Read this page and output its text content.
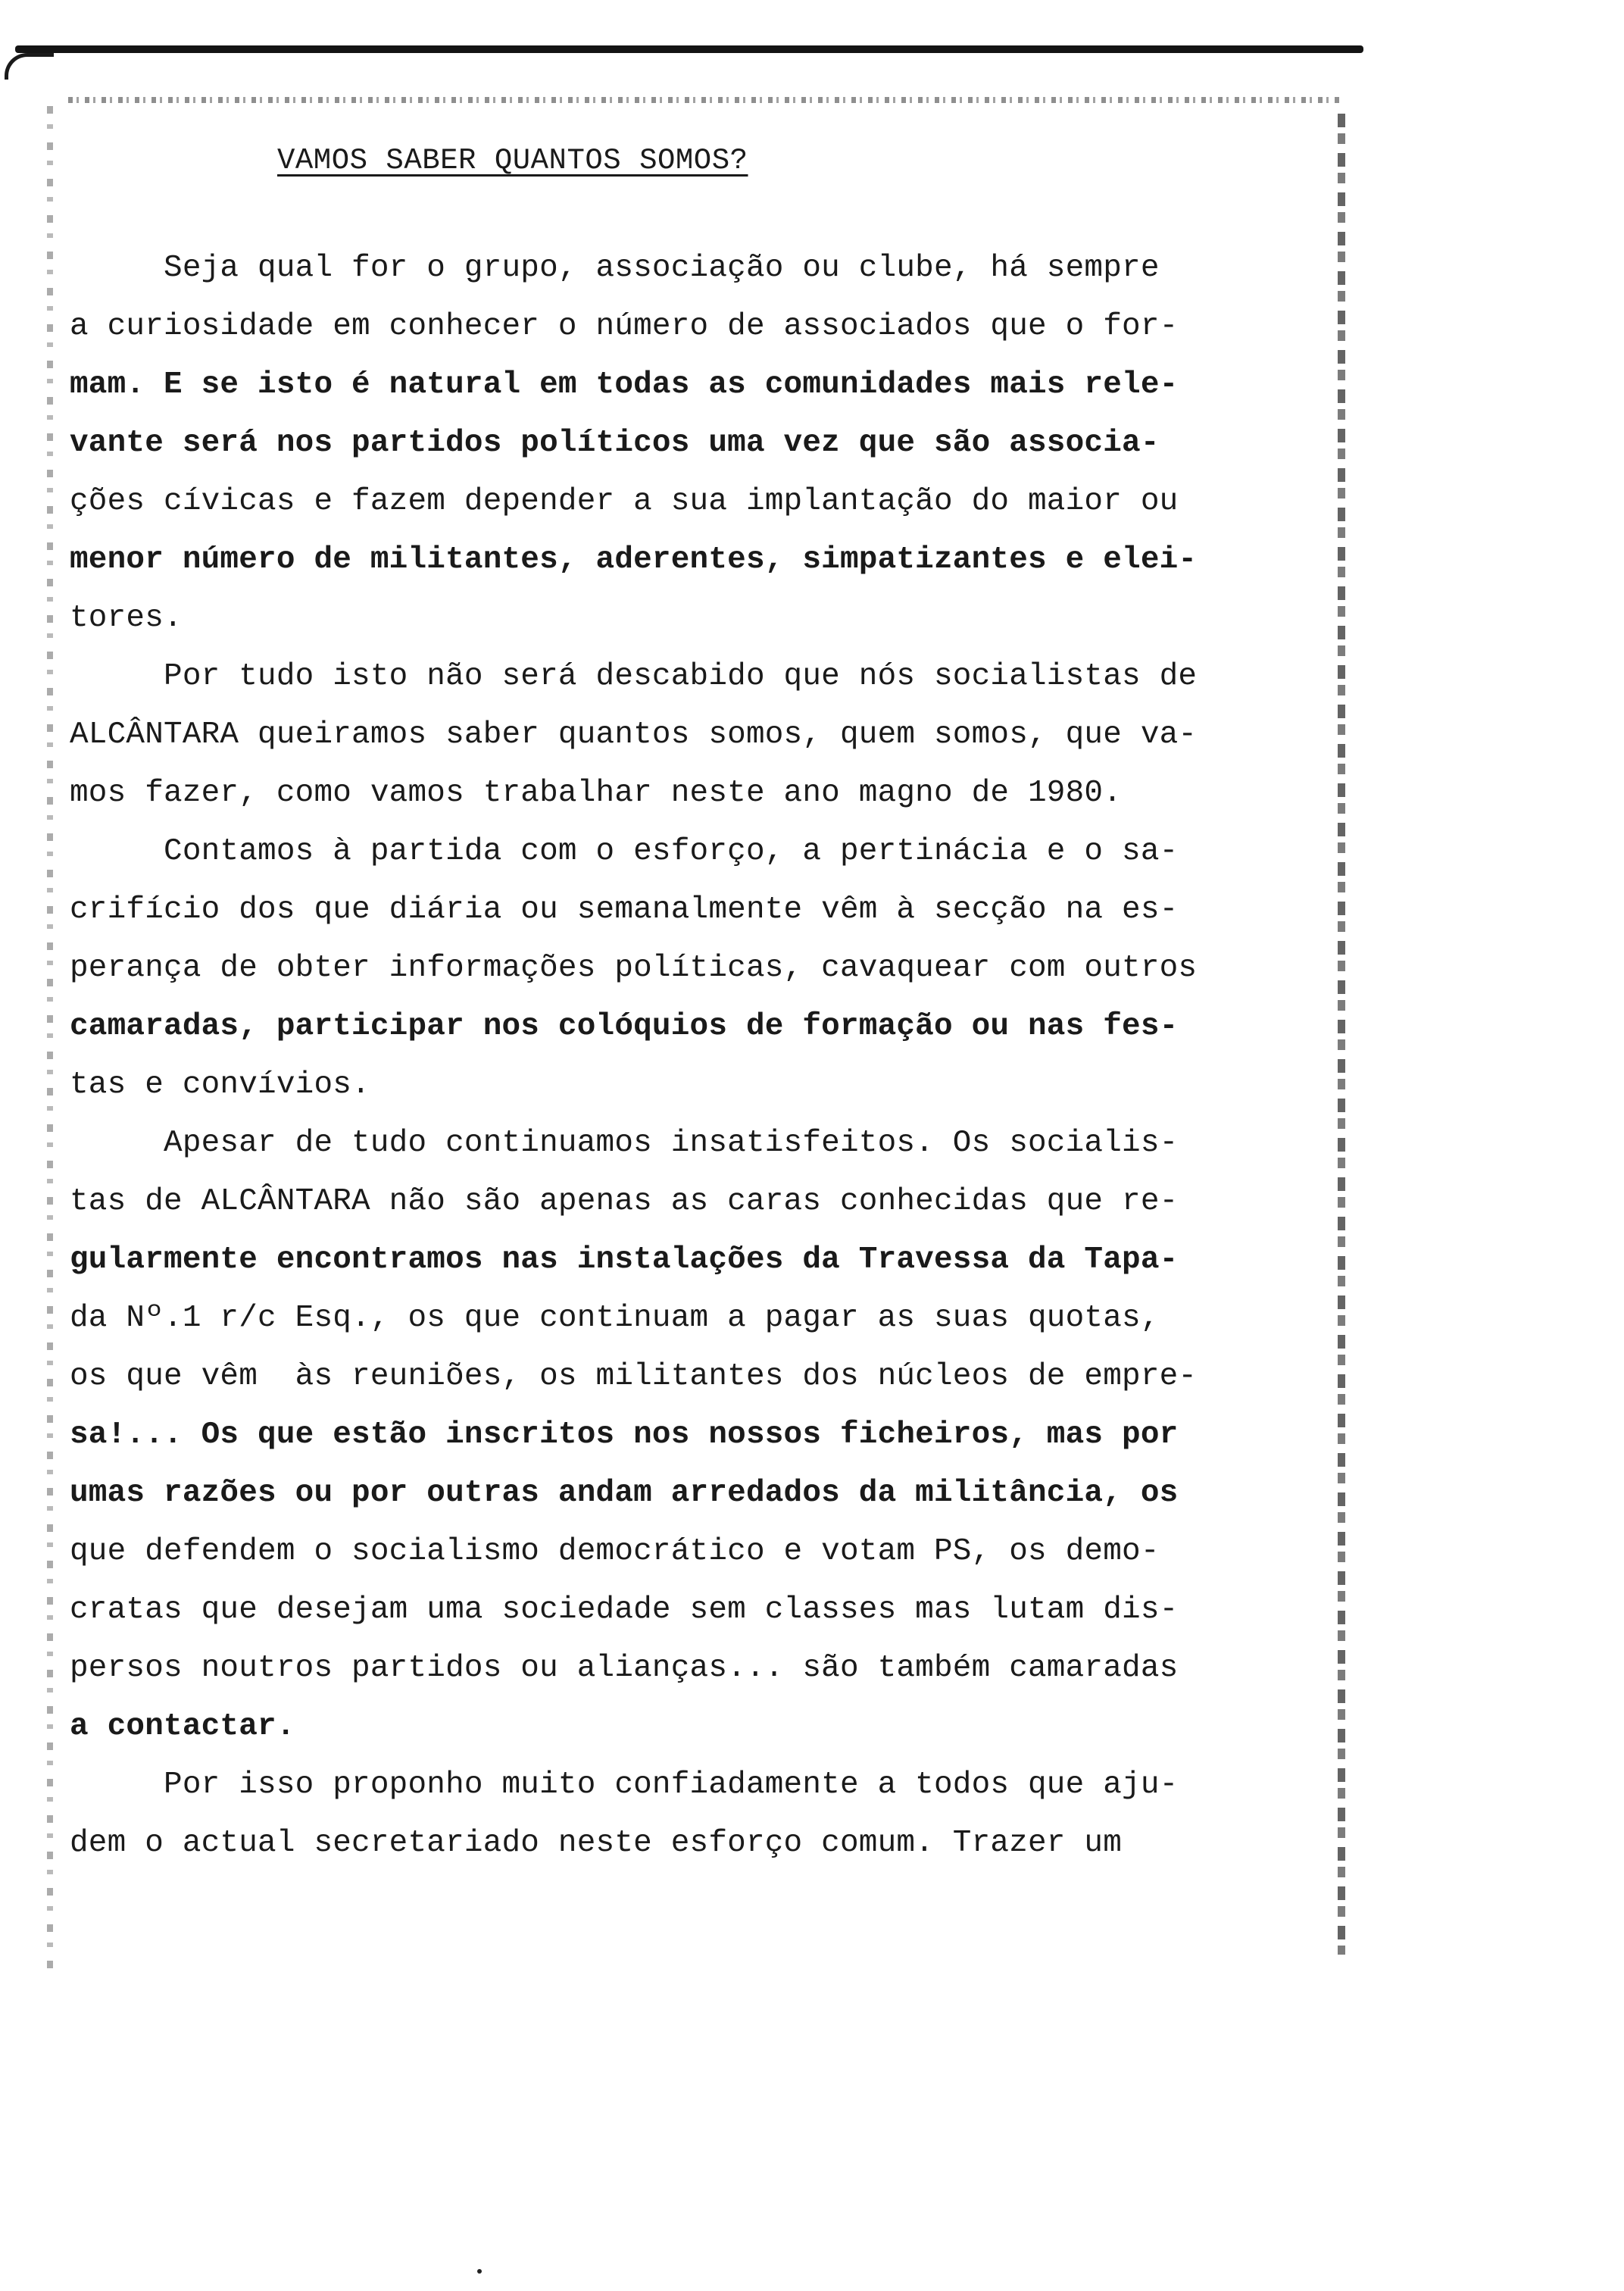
VAMOS SABER QUANTOS SOMOS?
Seja qual for o grupo, associação ou clube, há sempre
a curiosidade em conhecer o número de associados que o for-
mam. E se isto é natural em todas as comunidades mais rele-
vante será nos partidos políticos uma vez que são associa-
ções cívicas e fazem depender a sua implantação do maior ou
menor número de militantes, aderentes, simpatizantes e elei-
tores.
Por tudo isto não será descabido que nós socialistas de
ALCÂNTARA queiramos saber quantos somos, quem somos, que va-
mos fazer, como vamos trabalhar neste ano magno de 1980.
Contamos à partida com o esforço, a pertinácia e o sa-
crifício dos que diária ou semanalmente vêm à secção na es-
perança de obter informações políticas, cavaquear com outros
camaradas, participar nos colóquios de formação ou nas fes-
tas e convívios.
Apesar de tudo continuamos insatisfeitos. Os socialis-
tas de ALCÂNTARA não são apenas as caras conhecidas que re-
gularmente encontramos nas instalações da Travessa da Tapa-
da Nº.1 r/c Esq., os que continuam a pagar as suas quotas,
os que vêm  às reuniões, os militantes dos núcleos de empre-
sa!... Os que estão inscritos nos nossos ficheiros, mas por
umas razões ou por outras andam arredados da militância, os
que defendem o socialismo democrático e votam PS, os demo-
cratas que desejam uma sociedade sem classes mas lutam dis-
persos noutros partidos ou alianças... são também camaradas
a contactar.
Por isso proponho muito confiadamente a todos que aju-
dem o actual secretariado neste esforço comum. Trazer um
